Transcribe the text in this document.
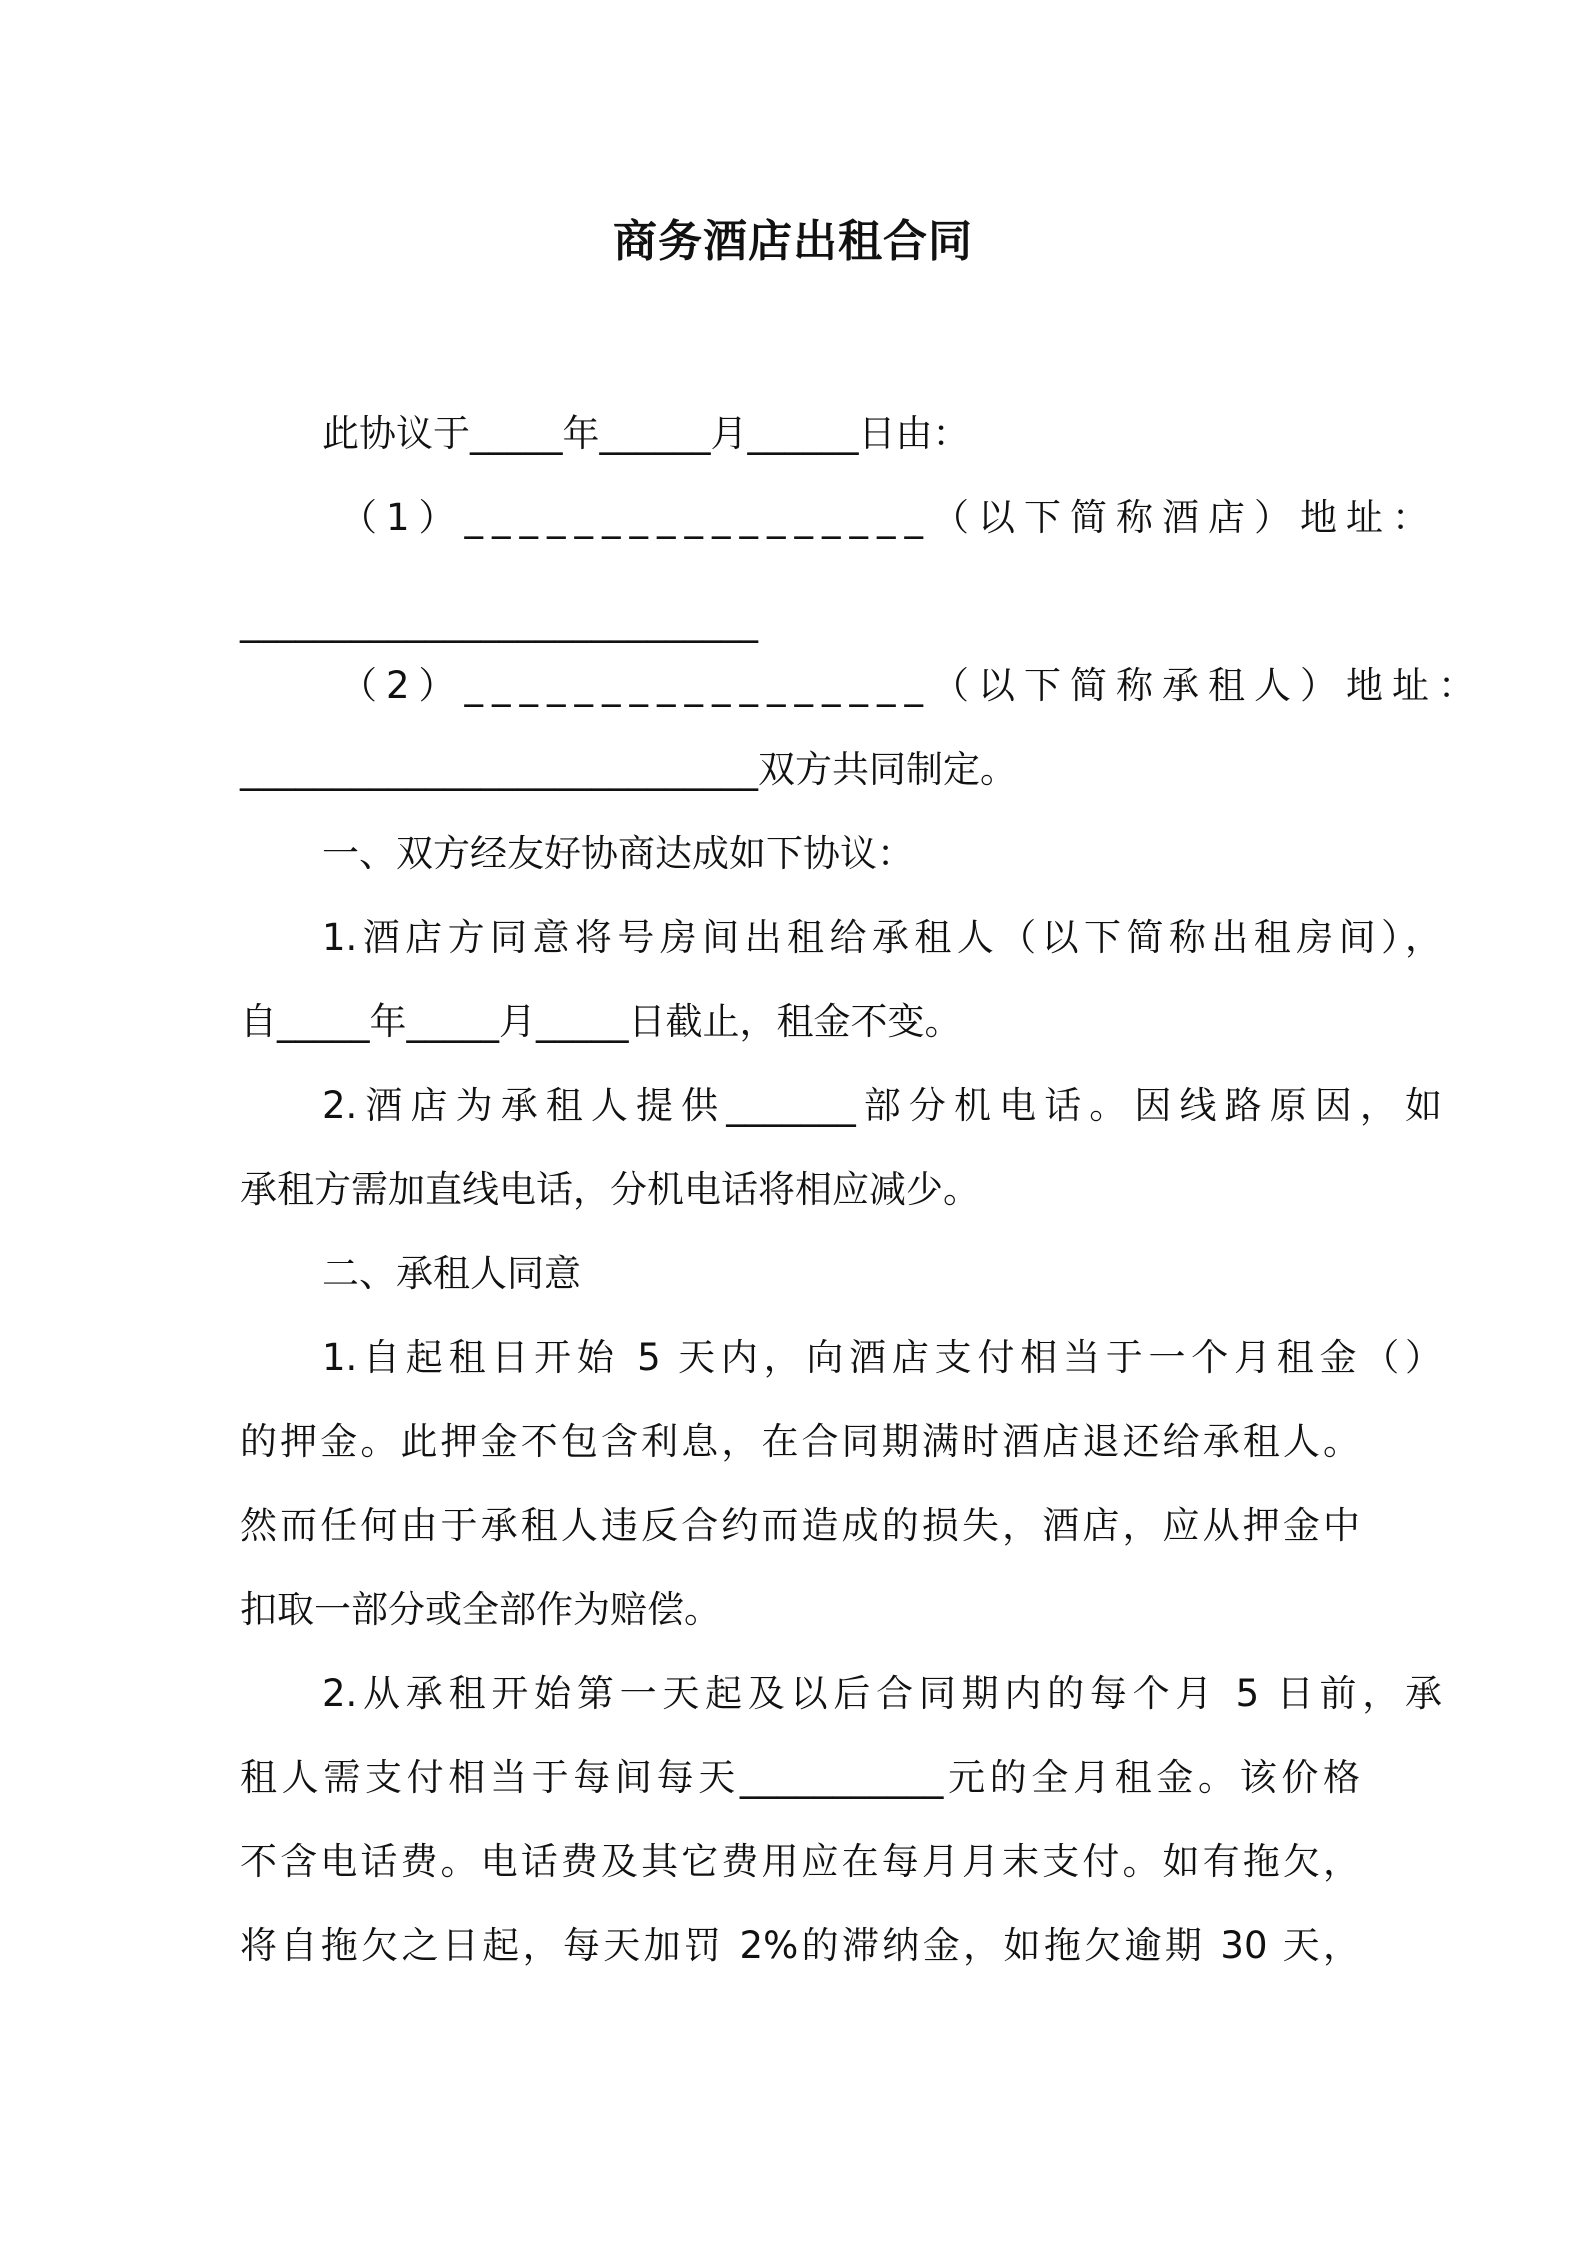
商务酒店出租合同
此协议于_____年______月______日由：
（1）_________________（以下简称酒店）地址：
____________________________
（2）_________________（以下简称承租人）地址：
____________________________双方共同制定。
一、双方经友好协商达成如下协议：
1.酒店方同意将号房间出租给承租人（以下简称出租房间），
自_____年_____月_____日截止，租金不变。
2.酒店为承租人提供_______部分机电话。因线路原因，如
承租方需加直线电话，分机电话将相应减少。
二、承租人同意
1.自起租日开始 5 天内，向酒店支付相当于一个月租金（）
的押金。此押金不包含利息，在合同期满时酒店退还给承租人。
然而任何由于承租人违反合约而造成的损失，酒店，应从押金中
扣取一部分或全部作为赔偿。
2.从承租开始第一天起及以后合同期内的每个月 5 日前，承
租人需支付相当于每间每天___________元的全月租金。该价格
不含电话费。电话费及其它费用应在每月月末支付。如有拖欠，
将自拖欠之日起，每天加罚 2%的滞纳金，如拖欠逾期 30 天，
